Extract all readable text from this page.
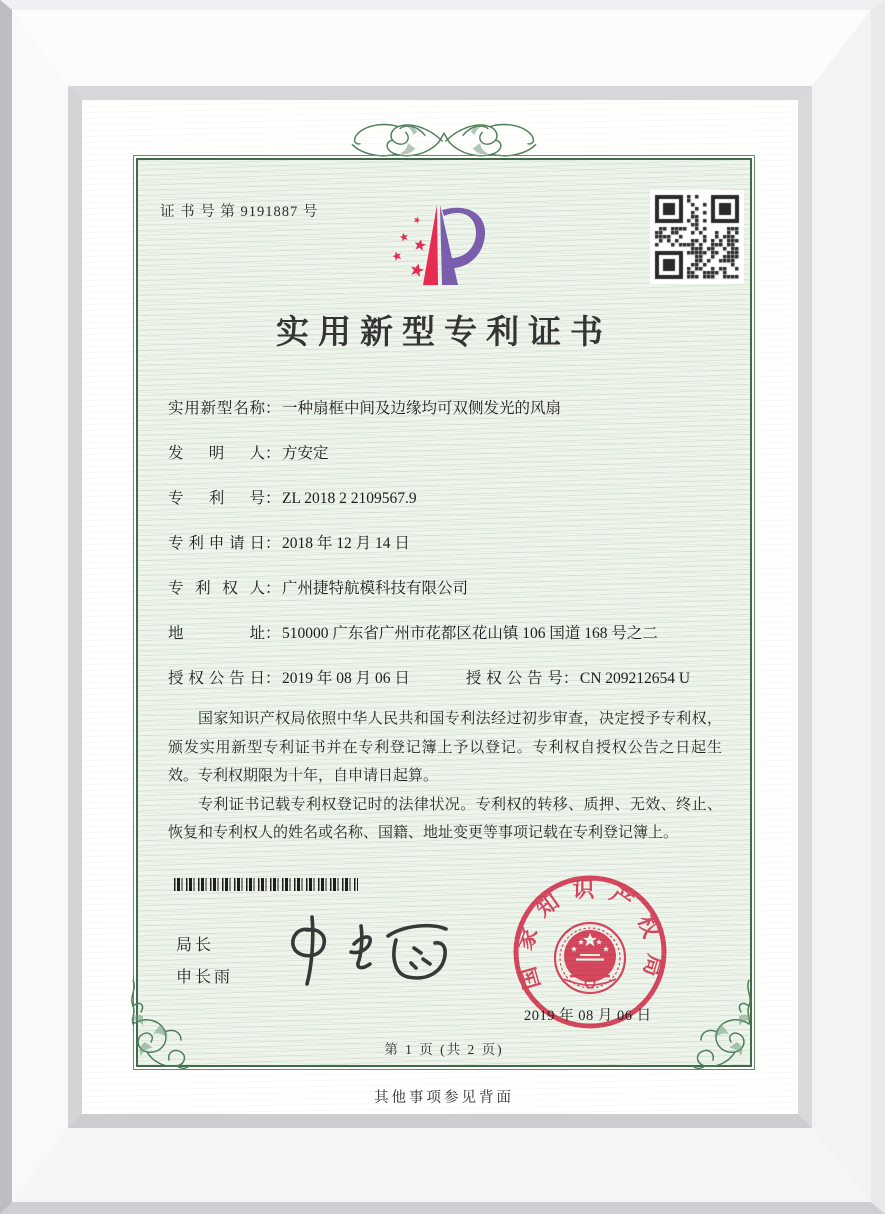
证 书 号 第 9191887 号
实用新型专利证书
实用新型名称 ： 一种扇框中间及边缘均可双侧发光的风扇
发明人 ： 方安定
专利号 ： ZL 2018 2 2109567.9
专利申请日 ： 2018 年 12 月 14 日
专利权人 ： 广州捷特航模科技有限公司
地址 ： 510000 广东省广州市花都区花山镇 106 国道 168 号之二
授权公告日 ： 2019 年 08 月 06 日	授权公告号 ： CN 209212654 U

国家知识产权局依照中华人民共和国专利法经过初步审查，决定授予专利权，颁发实用新型专利证书并在专利登记簿上予以登记。专利权自授权公告之日起生效。专利权期限为十年，自申请日起算。

专利证书记载专利权登记时的法律状况。专利权的转移、质押、无效、终止、恢复和专利权人的姓名或名称、国籍、地址变更等事项记载在专利登记簿上。

局长
申长雨	国家知识产权局
2019 年 08 月 06 日
第 1 页 (共 2 页)
其他事项参见背面
